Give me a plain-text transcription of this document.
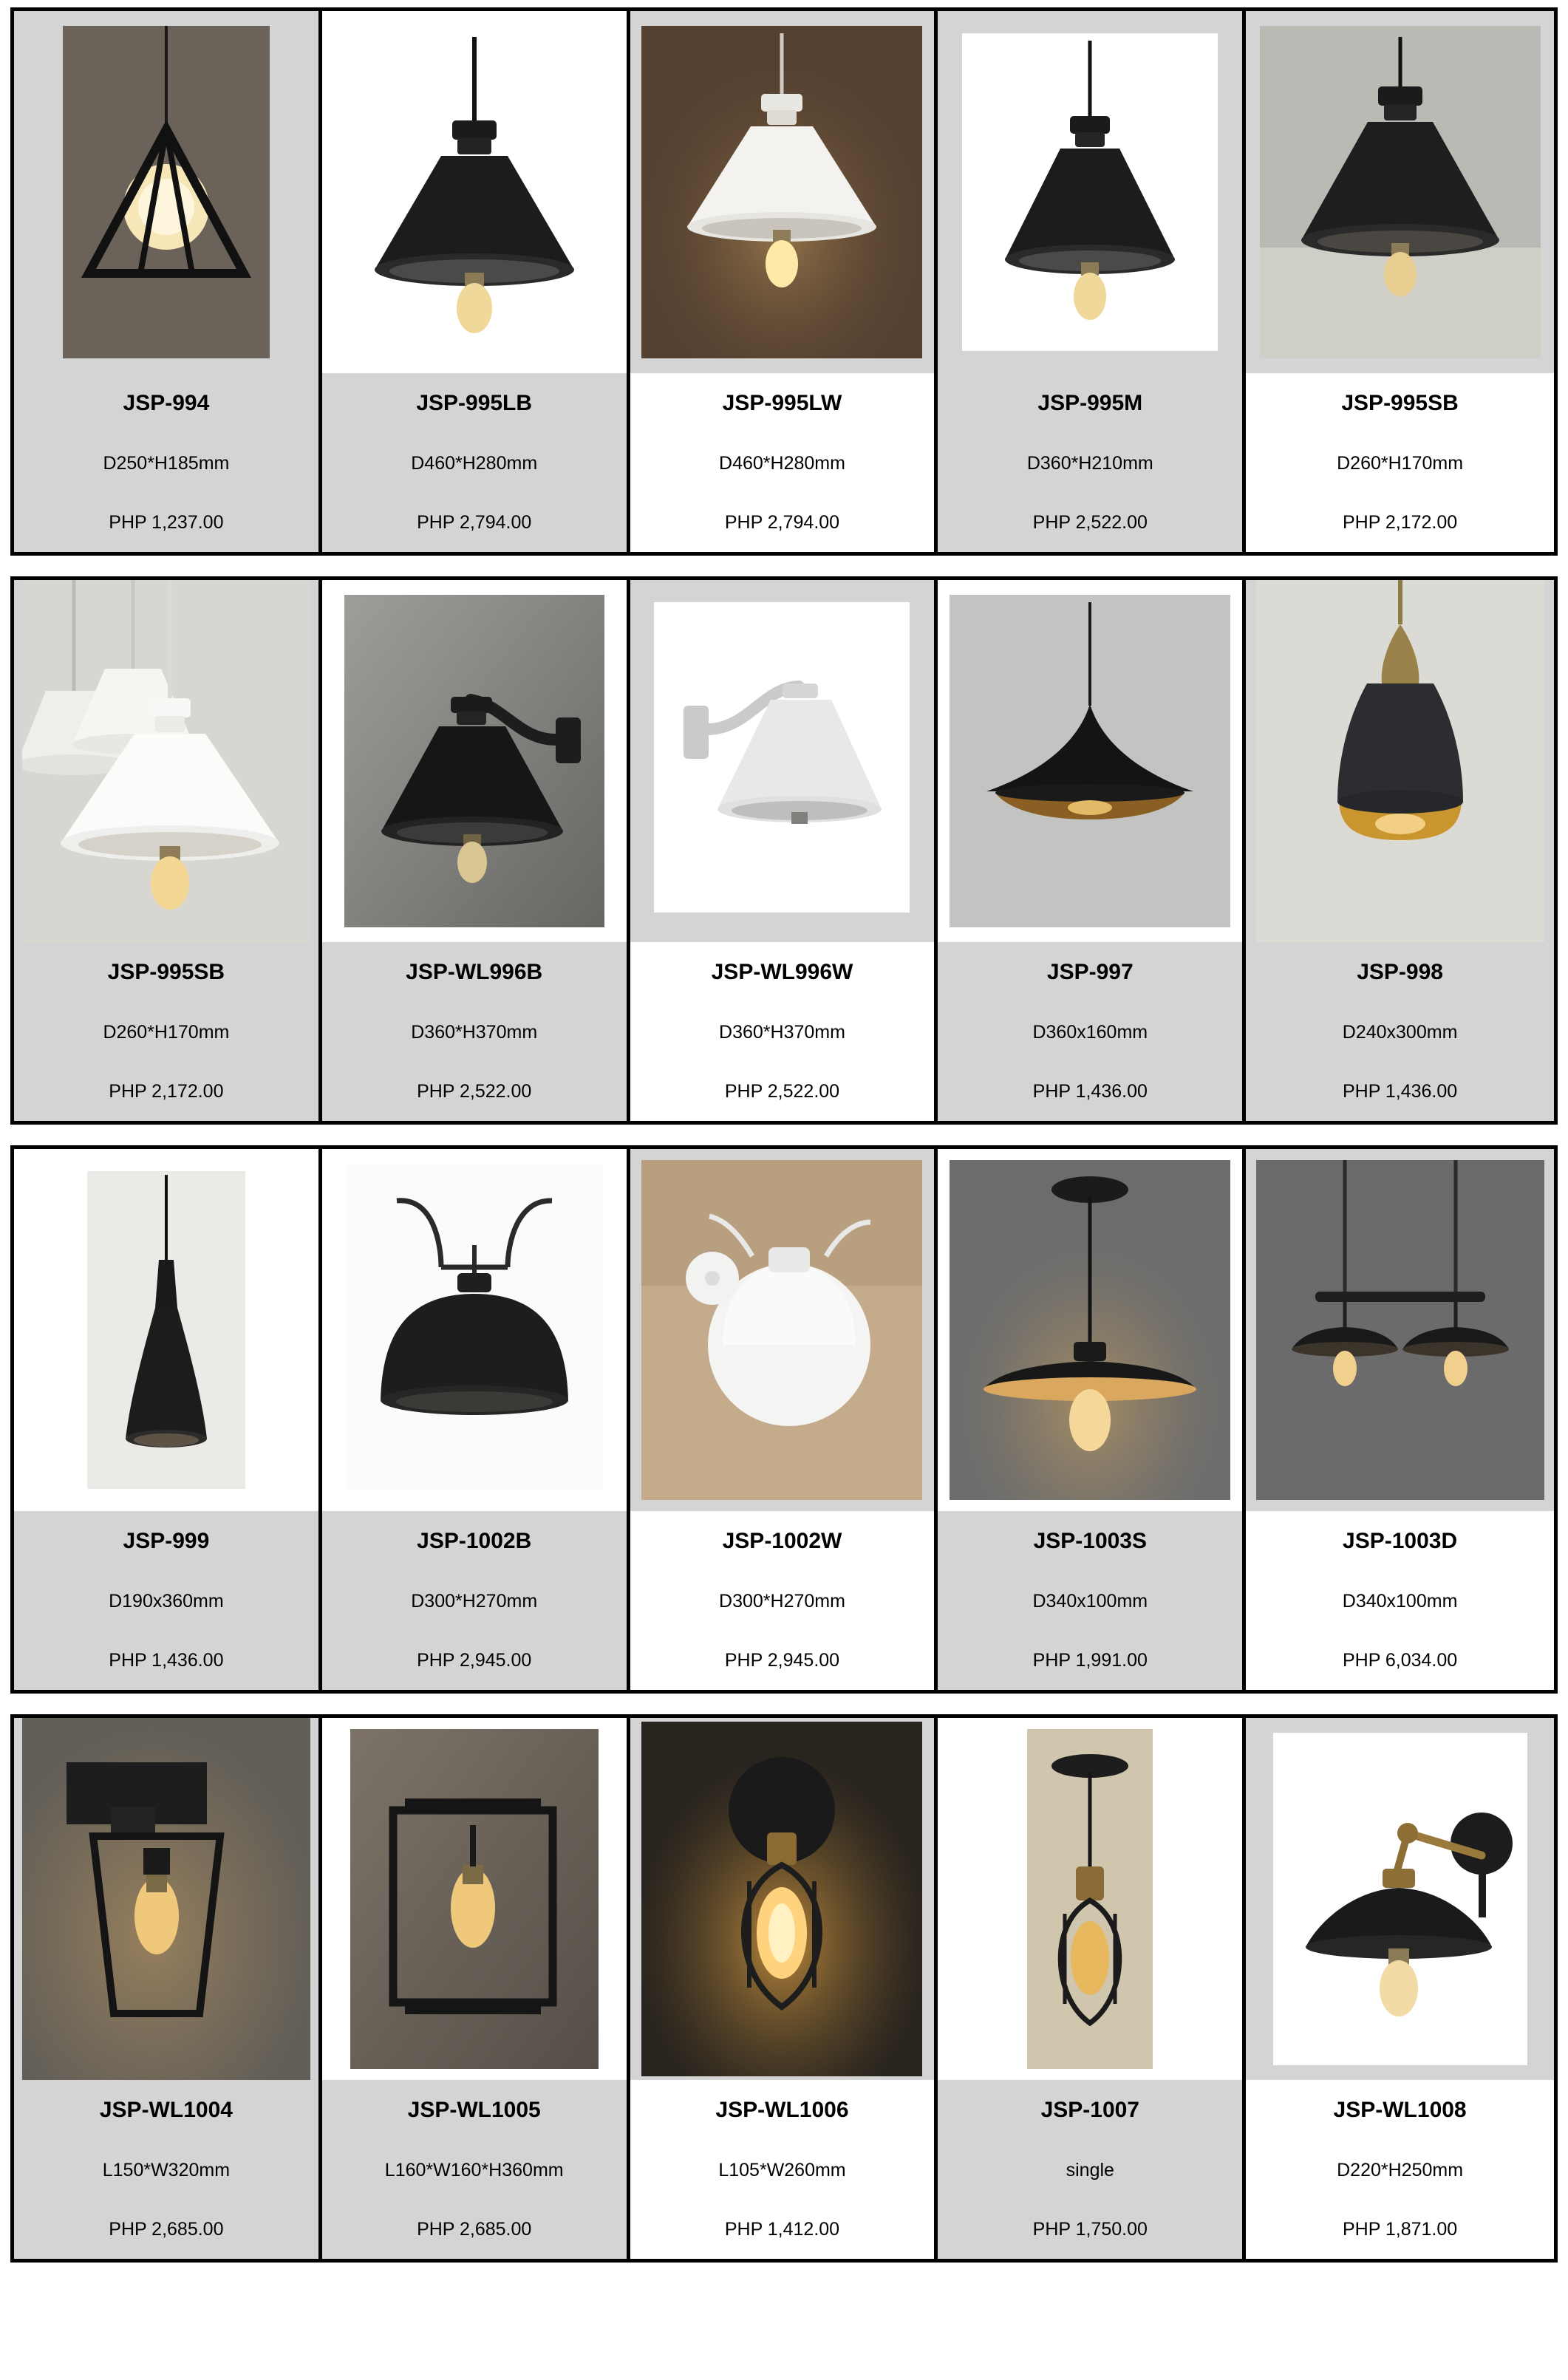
JSP-994
D250*H185mm
PHP 1,237.00
JSP-995LB
D460*H280mm
PHP 2,794.00
JSP-995LW
D460*H280mm
PHP 2,794.00
JSP-995M
D360*H210mm
PHP 2,522.00
JSP-995SB
D260*H170mm
PHP 2,172.00
JSP-995SB
D260*H170mm
PHP 2,172.00
JSP-WL996B
D360*H370mm
PHP 2,522.00
JSP-WL996W
D360*H370mm
PHP 2,522.00
JSP-997
D360x160mm
PHP 1,436.00
JSP-998
D240x300mm
PHP 1,436.00
JSP-999
D190x360mm
PHP 1,436.00
JSP-1002B
D300*H270mm
PHP 2,945.00
JSP-1002W
D300*H270mm
PHP 2,945.00
JSP-1003S
D340x100mm
PHP 1,991.00
JSP-1003D
D340x100mm
PHP 6,034.00
JSP-WL1004
L150*W320mm
PHP 2,685.00
JSP-WL1005
L160*W160*H360mm
PHP 2,685.00
JSP-WL1006
L105*W260mm
PHP 1,412.00
JSP-1007
single
PHP 1,750.00
JSP-WL1008
D220*H250mm
PHP 1,871.00
